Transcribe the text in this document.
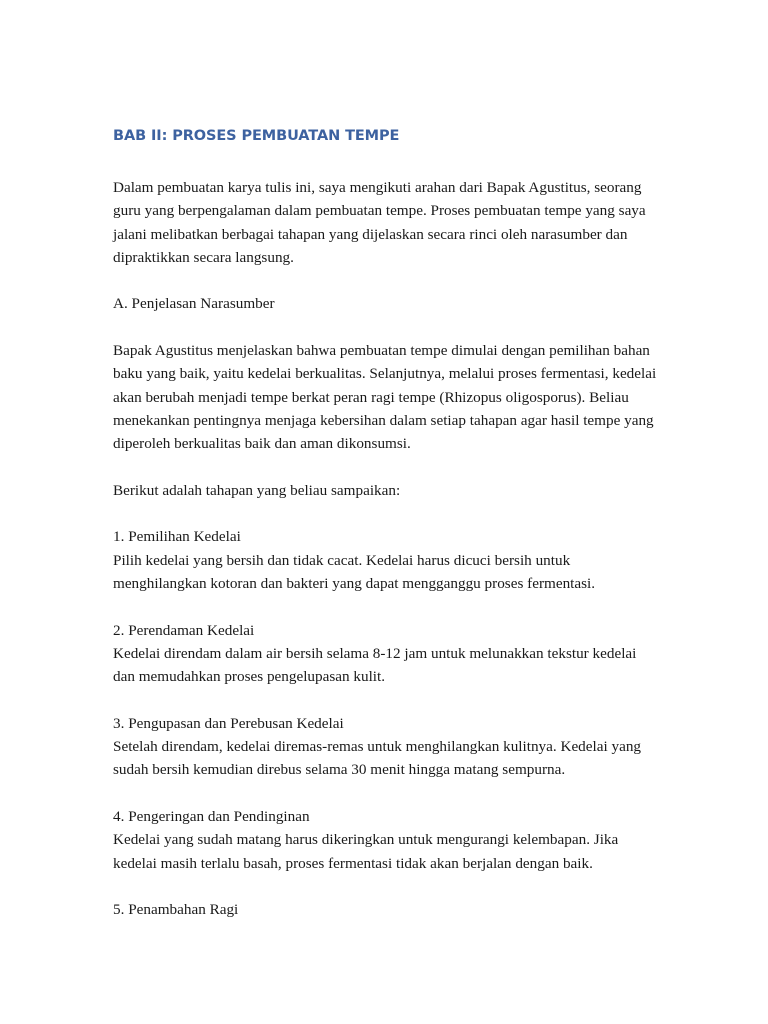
BAB II: PROSES PEMBUATAN TEMPE
Dalam pembuatan karya tulis ini, saya mengikuti arahan dari Bapak Agustitus, seorang
guru yang berpengalaman dalam pembuatan tempe. Proses pembuatan tempe yang saya
jalani melibatkan berbagai tahapan yang dijelaskan secara rinci oleh narasumber dan
dipraktikkan secara langsung.
A. Penjelasan Narasumber
Bapak Agustitus menjelaskan bahwa pembuatan tempe dimulai dengan pemilihan bahan
baku yang baik, yaitu kedelai berkualitas. Selanjutnya, melalui proses fermentasi, kedelai
akan berubah menjadi tempe berkat peran ragi tempe (Rhizopus oligosporus). Beliau
menekankan pentingnya menjaga kebersihan dalam setiap tahapan agar hasil tempe yang
diperoleh berkualitas baik dan aman dikonsumsi.
Berikut adalah tahapan yang beliau sampaikan:
1. Pemilihan Kedelai
Pilih kedelai yang bersih dan tidak cacat. Kedelai harus dicuci bersih untuk
menghilangkan kotoran dan bakteri yang dapat mengganggu proses fermentasi.
2. Perendaman Kedelai
Kedelai direndam dalam air bersih selama 8-12 jam untuk melunakkan tekstur kedelai
dan memudahkan proses pengelupasan kulit.
3. Pengupasan dan Perebusan Kedelai
Setelah direndam, kedelai diremas-remas untuk menghilangkan kulitnya. Kedelai yang
sudah bersih kemudian direbus selama 30 menit hingga matang sempurna.
4. Pengeringan dan Pendinginan
Kedelai yang sudah matang harus dikeringkan untuk mengurangi kelembapan. Jika
kedelai masih terlalu basah, proses fermentasi tidak akan berjalan dengan baik.
5. Penambahan Ragi
